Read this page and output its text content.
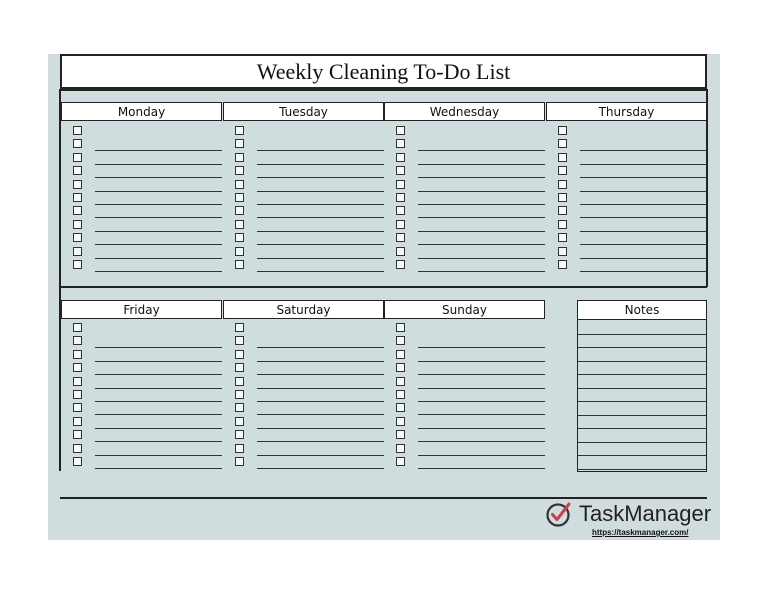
Weekly Cleaning To-Do List
Monday	Tuesday	Wednesday	Thursday
Friday	Saturday	Sunday	Notes
TaskManager
https://taskmanager.com/
